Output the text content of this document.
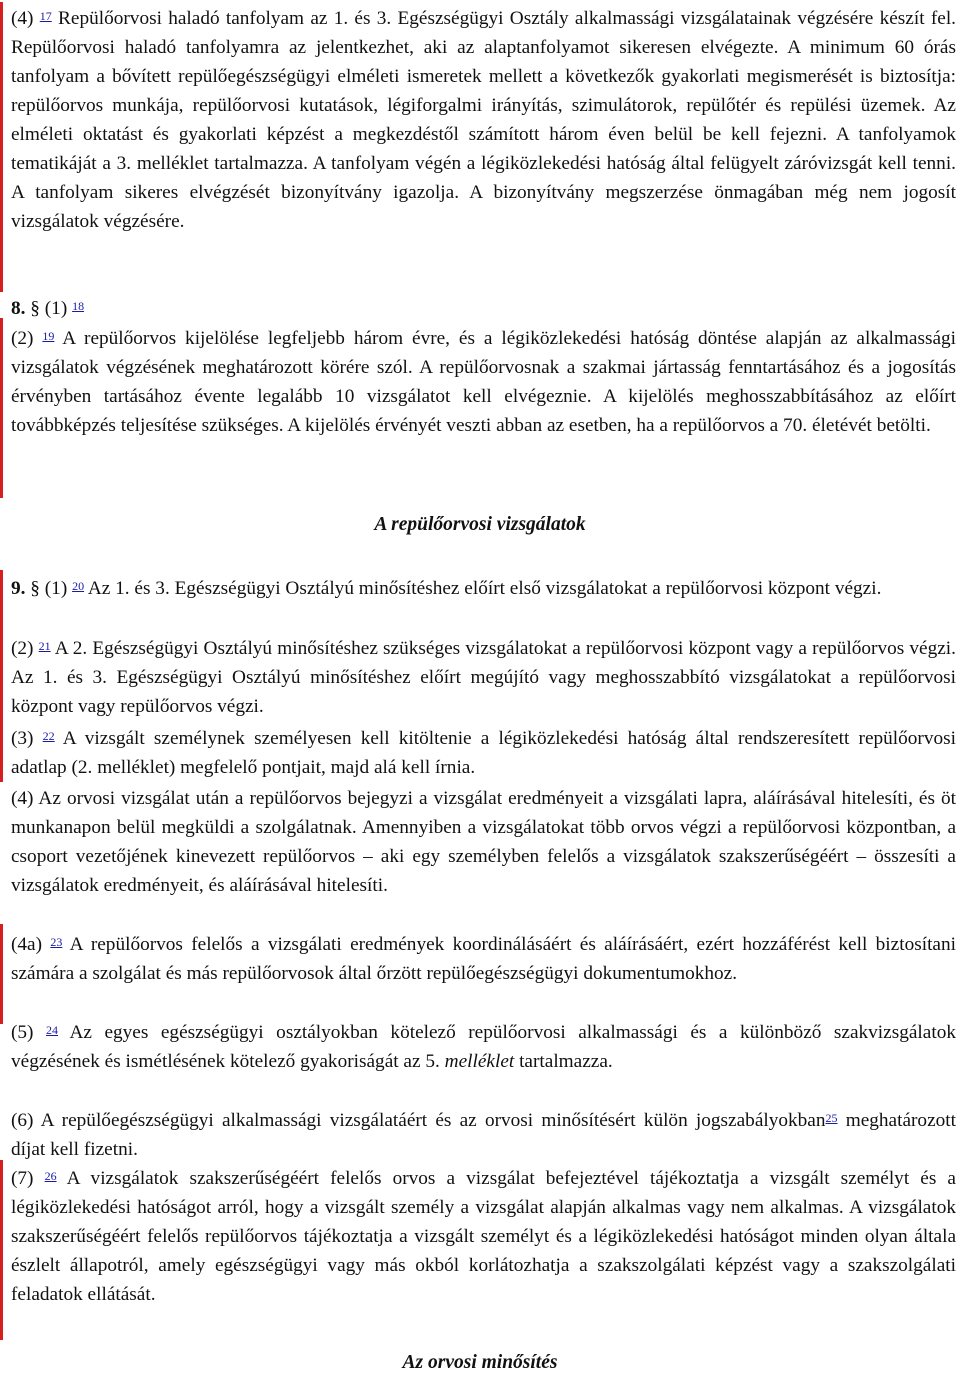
(4) $^{17}$ Repülőorvosi haladó tanfolyam az 1. és 3. Egészségügyi Osztály alkalmassági vizsgálatainak végzésére készít fel. Repülőorvosi haladó tanfolyamra az jelentkezhet, aki az alaptanfolyamot sikeresen elvégezte. A minimum 60 órás tanfolyam a bővített repülőegészségügyi elméleti ismeretek mellett a következők gyakorlati megismerését is biztosítja: repülőorvos munkája, repülőorvosi kutatások, légiforgalmi irányítás, szimulátorok, repülőtér és repülési üzemek. Az elméleti oktatást és gyakorlati képzést a megkezdéstől számított három éven belül be kell fejezni. A tanfolyamok tematikáját a 3. melléklet tartalmazza. A tanfolyam végén a légiközlekedési hatóság által felügyelt záróvizsgát kell tenni. A tanfolyam sikeres elvégzését bizonyítvány igazolja. A bizonyítvány megszerzése önmagában még nem jogosít vizsgálatok végzésére.

8. § (1) $^{18}$

(2) $^{19}$ A repülőorvos kijelölése legfeljebb három évre, és a légiközlekedési hatóság döntése alapján az alkalmassági vizsgálatok végzésének meghatározott körére szól. A repülőorvosnak a szakmai jártasság fenntartásához és a jogosítás érvényben tartásához évente legalább 10 vizsgálatot kell elvégeznie. A kijelölés meghosszabbításához az előírt továbbképzés teljesítése szükséges. A kijelölés érvényét veszti abban az esetben, ha a repülőorvos a 70. életévét betölti.

A repülőorvosi vizsgálatok

9. § (1) $^{20}$ Az 1. és 3. Egészségügyi Osztályú minősítéshez előírt első vizsgálatokat a repülőorvosi központ végzi.

(2) $^{21}$ A 2. Egészségügyi Osztályú minősítéshez szükséges vizsgálatokat a repülőorvosi központ vagy a repülőorvos végzi. Az 1. és 3. Egészségügyi Osztályú minősítéshez előírt megújító vagy meghosszabbító vizsgálatokat a repülőorvosi központ vagy repülőorvos végzi.

(3) $^{22}$ A vizsgált személynek személyesen kell kitöltenie a légiközlekedési hatóság által rendszeresített repülőorvosi adatlap (2. melléklet) megfelelő pontjait, majd alá kell írnia.

(4) Az orvosi vizsgálat után a repülőorvos bejegyzi a vizsgálat eredményeit a vizsgálati lapra, aláírásával hitelesíti, és öt munkanapon belül megküldi a szolgálatnak. Amennyiben a vizsgálatokat több orvos végzi a repülőorvosi központban, a csoport vezetőjének kinevezett repülőorvos – aki egy személyben felelős a vizsgálatok szakszerűségéért – összesíti a vizsgálatok eredményeit, és aláírásával hitelesíti.

(4a) $^{23}$ A repülőorvos felelős a vizsgálati eredmények koordinálásáért és aláírásáért, ezért hozzáférést kell biztosítani számára a szolgálat és más repülőorvosok által őrzött repülőegészségügyi dokumentumokhoz.

(5) $^{24}$ Az egyes egészségügyi osztályokban kötelező repülőorvosi alkalmassági és a különböző szakvizsgálatok végzésének és ismétlésének kötelező gyakoriságát az 5. melléklet tartalmazza.

(6) A repülőegészségügyi alkalmassági vizsgálatáért és az orvosi minősítésért külön jogszabályokban$^{25}$ meghatározott díjat kell fizetni.

(7) $^{26}$ A vizsgálatok szakszerűségéért felelős orvos a vizsgálat befejeztével tájékoztatja a vizsgált személyt és a légiközlekedési hatóságot arról, hogy a vizsgált személy a vizsgálat alapján alkalmas vagy nem alkalmas. A vizsgálatok szakszerűségéért felelős repülőorvos tájékoztatja a vizsgált személyt és a légiközlekedési hatóságot minden olyan általa észlelt állapotról, amely egészségügyi vagy más okból korlátozhatja a szakszolgálati képzést vagy a szakszolgálati feladatok ellátását.

Az orvosi minősítés
